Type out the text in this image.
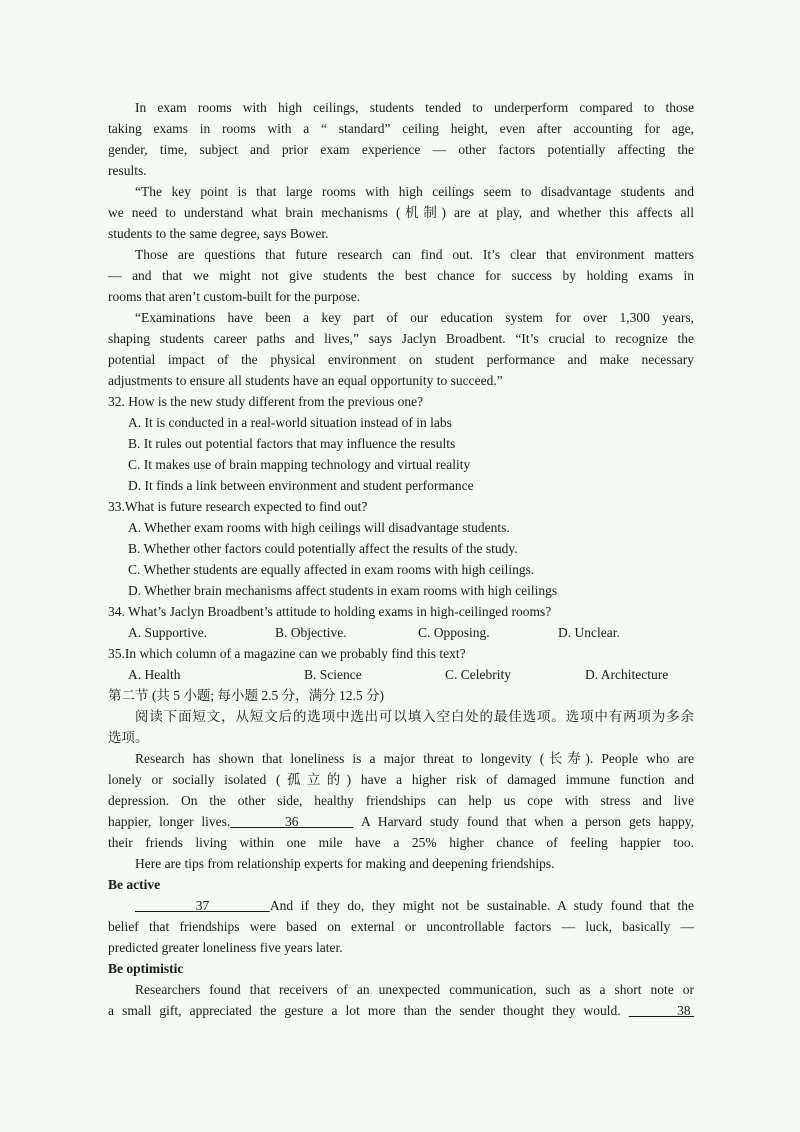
In exam rooms with high ceilings, students tended to underperform compared to those
taking exams in rooms with a “ standard” ceiling height, even after accounting for age,
gender, time, subject and prior exam experience — other factors potentially affecting the
results.
“The key point is that large rooms with high ceilings seem to disadvantage students and
we need to understand what brain mechanisms (机制) are at play, and whether this affects all
students to the same degree, says Bower.
Those are questions that future research can find out. It’s clear that environment matters
— and that we might not give students the best chance for success by holding exams in
rooms that aren’t custom-built for the purpose.
“Examinations have been a key part of our education system for over 1,300 years,
shaping students career paths and lives,” says Jaclyn Broadbent. “It’s crucial to recognize the
potential impact of the physical environment on student performance and make necessary
adjustments to ensure all students have an equal opportunity to succeed.”
32. How is the new study different from the previous one?
A. It is conducted in a real-world situation instead of in labs
B. It rules out potential factors that may influence the results
C. It makes use of brain mapping technology and virtual reality
D. It finds a link between environment and student performance
33.What is future research expected to find out?
A. Whether exam rooms with high ceilings will disadvantage students.
B. Whether other factors could potentially affect the results of the study.
C. Whether students are equally affected in exam rooms with high ceilings.
D. Whether brain mechanisms affect students in exam rooms with high ceilings
34. What’s Jaclyn Broadbent’s attitude to holding exams in high-ceilinged rooms?
A. Supportive.	B. Objective.	C. Opposing.	D. Unclear.
35.In which column of a magazine can we probably find this text?
A. Health	B. Science	C. Celebrity	D. Architecture
第二节 (共 5 小题; 每小题 2.5 分，满分 12.5 分)
阅读下面短文，从短文后的选项中选出可以填入空白处的最佳选项。选项中有两项为多余
选项。
Research has shown that loneliness is a major threat to longevity (长寿). People who are
lonely or socially isolated (孤立的) have a higher risk of damaged immune function and
depression. On the other side, healthy friendships can help us cope with stress and live
happier, longer lives.       36        A Harvard study found that when a person gets happy,
their friends living within one mile have a 25% higher chance of feeling happier too.
Here are tips from relationship experts for making and deepening friendships.
Be active
37        And if they do, they might not be sustainable. A study found that the
belief that friendships were based on external or uncontrollable factors — luck, basically —
predicted greater loneliness five years later.
Be optimistic
Researchers found that receivers of an unexpected communication, such as a short note or
a small gift, appreciated the gesture a lot more than the sender thought they would.       38
